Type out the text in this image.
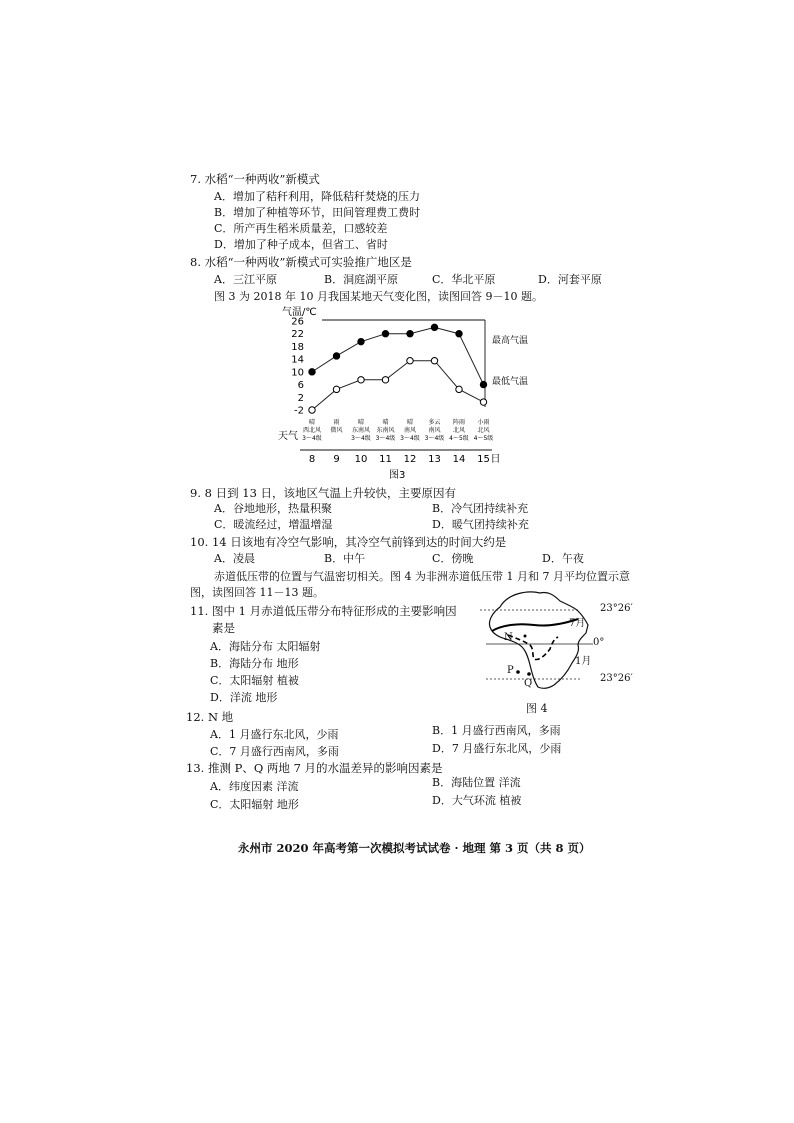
7. 水稻“一种两收”新模式
A．增加了秸秆利用，降低秸秆焚烧的压力
B．增加了种植等环节，田间管理费工费时
C．所产再生稻米质量差，口感较差
D．增加了种子成本，但省工、省时
8. 水稻“一种两收”新模式可实验推广地区是
A．三江平原	B．洞庭湖平原	C．华北平原	D．河套平原
图 3 为 2018 年 10 月我国某地天气变化图，读图回答 9－10 题。
气温/℃
26
22
18
14
10
6
2
-2
最高气温
最低气温
天气
晴
西北风
3～4级
雨
微风
晴
东南风
3～4级
晴
东南风
3～4级
晴
南风
3～4级
多云
南风
3～4级
阵雨
北风
4～5级
小雨
北风
4～5级
8 9 10 11 12 13 14 15 日
图3
9. 8 日到 13 日，该地区气温上升较快，主要原因有
A．谷地地形，热量积聚	B．冷气团持续补充
C．暖流经过，增温增湿	D．暖气团持续补充
10. 14 日该地有冷空气影响，其冷空气前锋到达的时间大约是
A．凌晨	B．中午	C．傍晚	D．午夜
赤道低压带的位置与气温密切相关。图 4 为非洲赤道低压带 1 月和 7 月平均位置示意
图，读图回答 11－13 题。
11. 图中 1 月赤道低压带分布特征形成的主要影响因
素是
A．海陆分布 太阳辐射
B．海陆分布 地形
C．太阳辐射 植被
D．洋流 地形
23°26′
0°
23°26′
7月
1月
N
P
Q
图 4
12. N 地
A．1 月盛行东北风，少雨	B．1 月盛行西南风，多雨
C．7 月盛行西南风，多雨	D．7 月盛行东北风，少雨
13. 推测 P、Q 两地 7 月的水温差异的影响因素是
A．纬度因素 洋流	B．海陆位置 洋流
C．太阳辐射 地形	D．大气环流 植被
永州市 2020 年高考第一次模拟考试试卷 · 地理 第 3 页（共 8 页）
